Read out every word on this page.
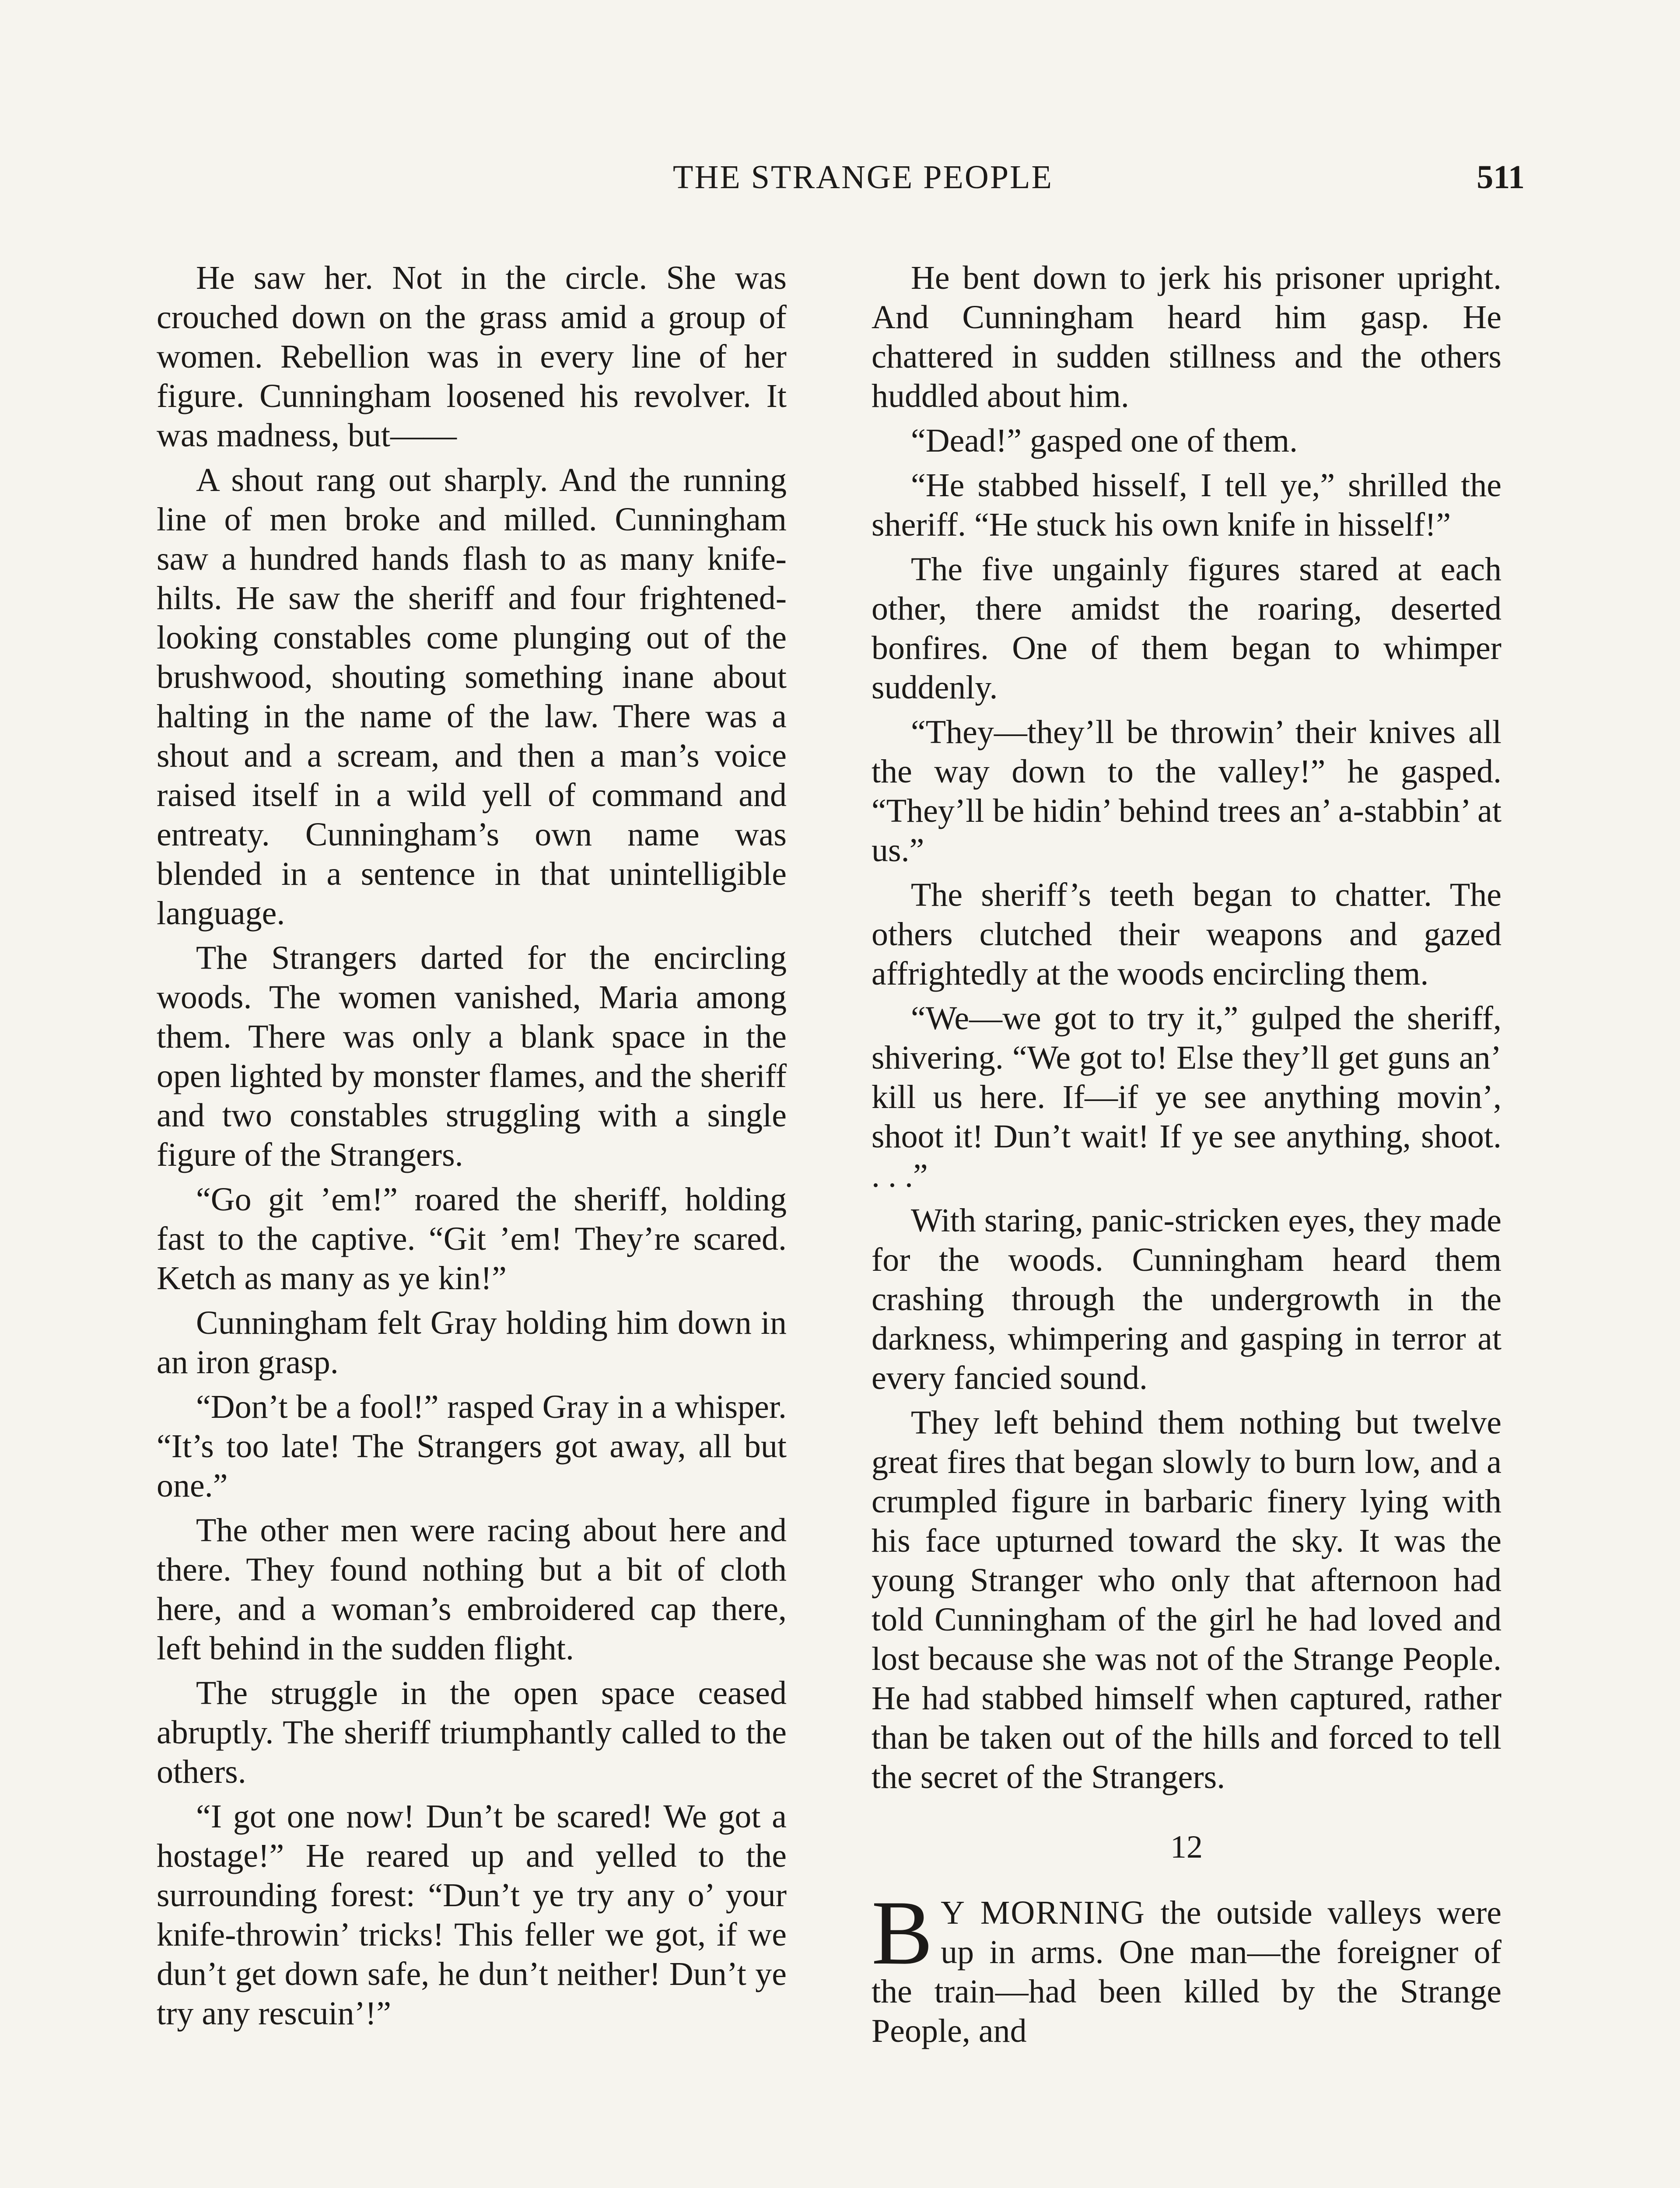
THE STRANGE PEOPLE	511

He saw her. Not in the circle. She was crouched down on the grass amid a group of women. Rebellion was in every line of her figure. Cunningham loosened his revolver. It was madness, but——

A shout rang out sharply. And the running line of men broke and milled. Cunningham saw a hundred hands flash to as many knife-hilts. He saw the sheriff and four frightened-looking constables come plunging out of the brushwood, shouting something inane about halting in the name of the law. There was a shout and a scream, and then a man’s voice raised itself in a wild yell of command and entreaty. Cunningham’s own name was blended in a sentence in that unintelligible language.

The Strangers darted for the encircling woods. The women vanished, Maria among them. There was only a blank space in the open lighted by monster flames, and the sheriff and two constables struggling with a single figure of the Strangers.

“Go git ’em!” roared the sheriff, holding fast to the captive. “Git ’em! They’re scared. Ketch as many as ye kin!”

Cunningham felt Gray holding him down in an iron grasp.

“Don’t be a fool!” rasped Gray in a whisper. “It’s too late! The Strangers got away, all but one.”

The other men were racing about here and there. They found nothing but a bit of cloth here, and a woman’s embroidered cap there, left behind in the sudden flight.

The struggle in the open space ceased abruptly. The sheriff triumphantly called to the others.

“I got one now! Dun’t be scared! We got a hostage!” He reared up and yelled to the surrounding forest: “Dun’t ye try any o’ your knife-throwin’ tricks! This feller we got, if we dun’t get down safe, he dun’t neither! Dun’t ye try any rescuin’!”

He bent down to jerk his prisoner upright. And Cunningham heard him gasp. He chattered in sudden stillness and the others huddled about him.

“Dead!” gasped one of them.

“He stabbed hisself, I tell ye,” shrilled the sheriff. “He stuck his own knife in hisself!”

The five ungainly figures stared at each other, there amidst the roaring, deserted bonfires. One of them began to whimper suddenly.

“They—they’ll be throwin’ their knives all the way down to the valley!” he gasped. “They’ll be hidin’ behind trees an’ a-stabbin’ at us.”

The sheriff’s teeth began to chatter. The others clutched their weapons and gazed affrightedly at the woods encircling them.

“We—we got to try it,” gulped the sheriff, shivering. “We got to! Else they’ll get guns an’ kill us here. If—if ye see anything movin’, shoot it! Dun’t wait! If ye see anything, shoot. . . .”

With staring, panic-stricken eyes, they made for the woods. Cunningham heard them crashing through the undergrowth in the darkness, whimpering and gasping in terror at every fancied sound.

They left behind them nothing but twelve great fires that began slowly to burn low, and a crumpled figure in barbaric finery lying with his face upturned toward the sky. It was the young Stranger who only that afternoon had told Cunningham of the girl he had loved and lost because she was not of the Strange People. He had stabbed himself when captured, rather than be taken out of the hills and forced to tell the secret of the Strangers.

12

B Y MORNING the outside valleys were up in arms. One man—the foreigner of the train—had been killed by the Strange People, and
